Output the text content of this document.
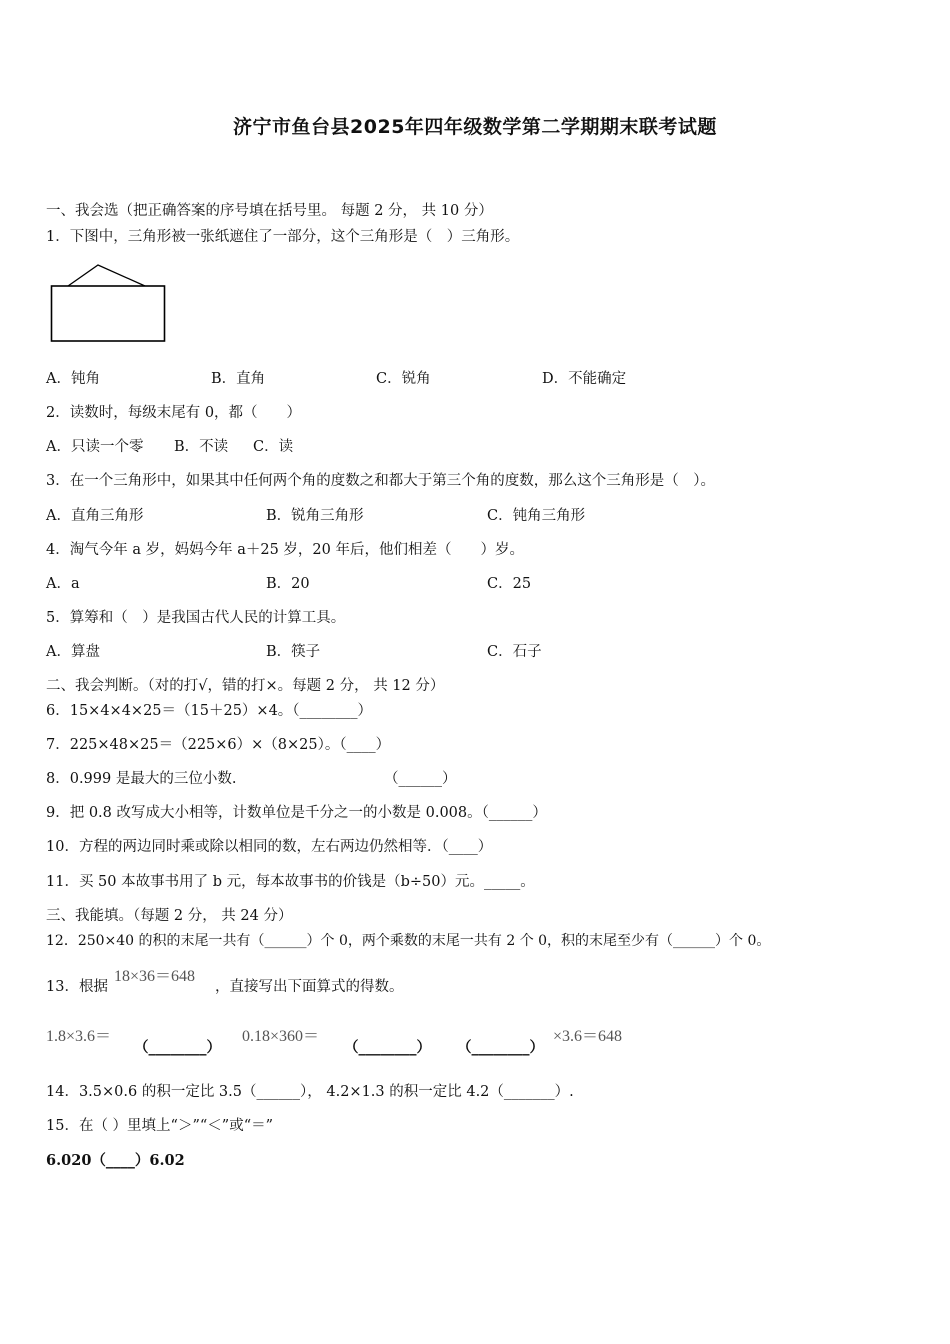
济宁市鱼台县2025年四年级数学第二学期期末联考试题
一、我会选（把正确答案的序号填在括号里。 每题 2 分， 共 10 分）
1．下图中，三角形被一张纸遮住了一部分，这个三角形是（　）三角形。
A．钝角	B．直角	C．锐角	D．不能确定
2．读数时，每级末尾有 0，都（　　）
A．只读一个零 B．不读 C．读
3．在一个三角形中，如果其中任何两个角的度数之和都大于第三个角的度数，那么这个三角形是（　）。
A．直角三角形	B．锐角三角形	C．钝角三角形
4．淘气今年 a 岁，妈妈今年 a＋25 岁，20 年后，他们相差（　　）岁。
A．a	B．20	C．25
5．算筹和（　）是我国古代人民的计算工具。
A．算盘	B．筷子	C．石子
二、我会判断。（对的打√，错的打×。每题 2 分， 共 12 分）
6．15×4×4×25＝（15＋25）×4。（________）
7．225×48×25＝（225×6）×（8×25）。（____）
8．0.999 是最大的三位小数.	（______）
9．把 0.8 改写成大小相等，计数单位是千分之一的小数是 0.008。（______）
10．方程的两边同时乘或除以相同的数，左右两边仍然相等．（____）
11．买 50 本故事书用了 b 元，每本故事书的价钱是（b÷50）元。_____。
三、我能填。（每题 2 分， 共 24 分）
12．250×40 的积的末尾一共有（______）个 0，两个乘数的末尾一共有 2 个 0，积的末尾至少有（______）个 0。
13．根据
18×36＝648
，直接写出下面算式的得数。
1.8×3.6＝
（________）
0.18×360＝
（________） （________）
×3.6＝648
14．3.5×0.6 的积一定比 3.5（______）， 4.2×1.3 的积一定比 4.2（_______）.
15．在（ ）里填上“＞”“＜”或“＝”
6.020（____）6.02
